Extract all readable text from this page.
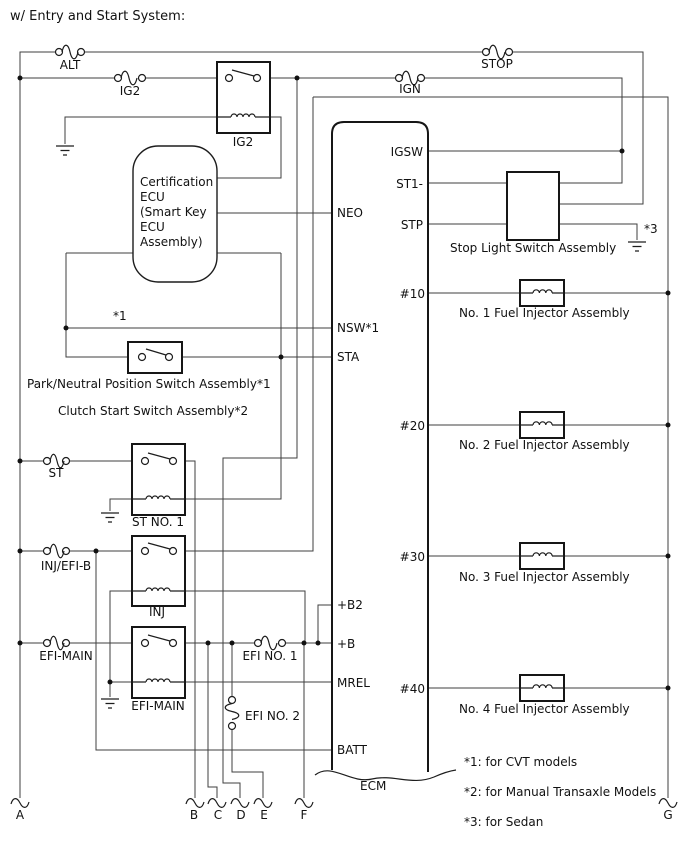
w/ Entry and Start System:
ALT
IG2	IGN
STOP
ST
INJ/EFI-B
EFI-MAIN	EFI NO. 1
EFI NO. 2
IG2
ST NO. 1
INJ
EFI-MAIN
Certification
ECU
(Smart Key
ECU
Assembly)
Park/Neutral Position Switch Assembly*1
Clutch Start Switch Assembly*2
Stop Light Switch Assembly
*1
*3
ECM
NEO
NSW*1
STA
+B2
+B
MREL
BATT
IGSW
ST1-
STP
#10
#20
#30
#40
No. 1 Fuel Injector Assembly
No. 2 Fuel Injector Assembly
No. 3 Fuel Injector Assembly
No. 4 Fuel Injector Assembly
*1: for CVT models
*2: for Manual Transaxle Models
*3: for Sedan
A	B C D E	F	G
